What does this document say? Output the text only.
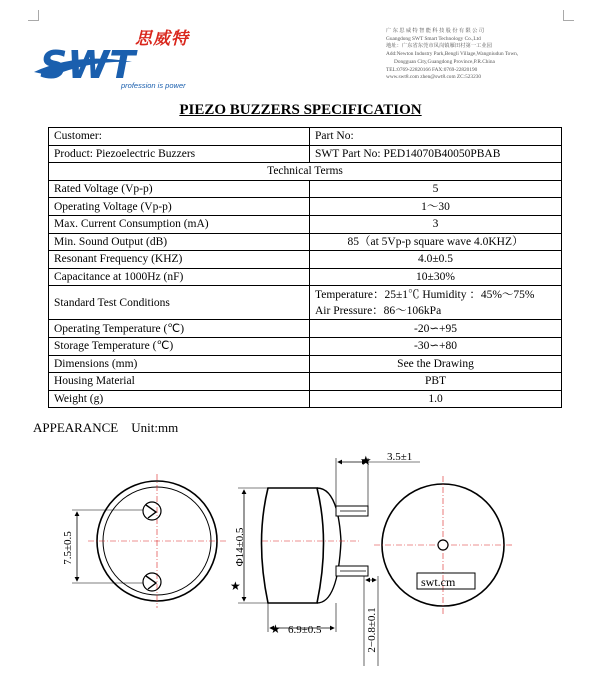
思威特
SWT
profession is power
广 东 思 威 特 智 能 科 技 股 份 有 限 公 司
Guangdong SWT Smart Technology Co.,Ltd
地址：广东省东莞市凤岗镇雁田村第一工业园
Add:Newton Industry Park,Bengli Village,Wangniudun Town,
Dongguan City,Guangdong Province,P.R.China
TEL:0769-22820166 FAX:0769-22820190
www.swt8.com zhen@swt8.com ZC:523230
PIEZO BUZZERS SPECIFICATION
Customer:	Part No:
Product: Piezoelectric Buzzers	SWT Part No: PED14070B40050PBAB
Technical Terms	
Rated Voltage (Vp-p)	5
Operating Voltage (Vp-p)	1～30
Max. Current Consumption (mA)	3
Min. Sound Output (dB)	85（at 5Vp-p square wave 4.0KHZ）
Resonant Frequency (KHZ)	4.0±0.5
Capacitance at 1000Hz (nF)	10±30%
Standard Test Conditions	Temperature：25±1℃ Humidity ：45%～75%
Air Pressure：86～106kPa

Operating Temperature (℃)	-20∽+95
Storage Temperature (℃)	-30∽+80
Dimensions (mm)	See the Drawing
Housing Material	PBT
Weight (g)	1.0
APPEARANCE    Unit:mm
7.5±0.5
3.5±1
★
Φ14±0.5
★
6.9±0.5
★	2−0.8±0.1
swt.cm
